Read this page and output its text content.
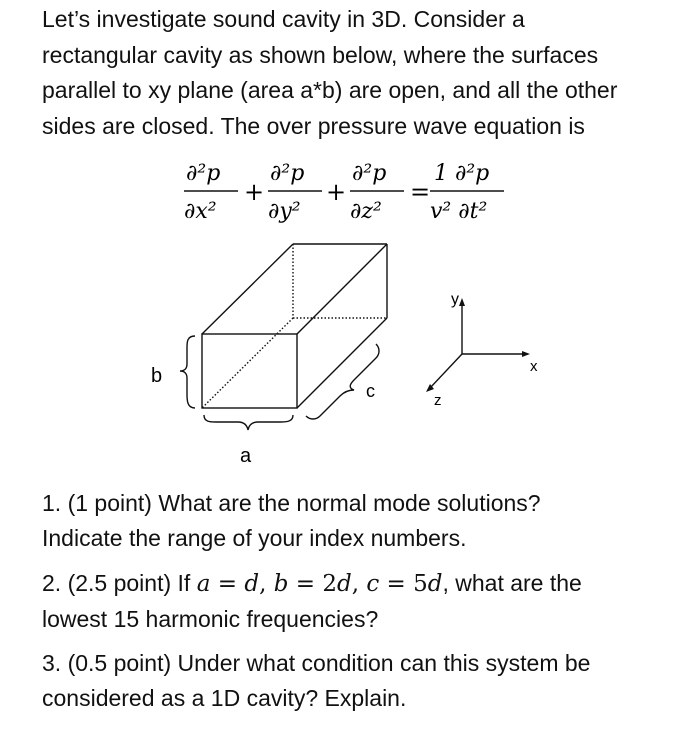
Let’s investigate sound cavity in 3D. Consider a
rectangular cavity as shown below, where the surfaces
parallel to xy plane (area a*b) are open, and all the other
sides are closed. The over pressure wave equation is
∂²p
∂x²
+
∂²p
∂y²
+
∂²p
∂z²
=
1 ∂²p
v² ∂t²
b
a
c
y
x
z
1. (1 point) What are the normal mode solutions?
Indicate the range of your index numbers.
2. (2.5 point) If a = d, b = 2d, c = 5d, what are the
lowest 15 harmonic frequencies?
3. (0.5 point) Under what condition can this system be
considered as a 1D cavity? Explain.
